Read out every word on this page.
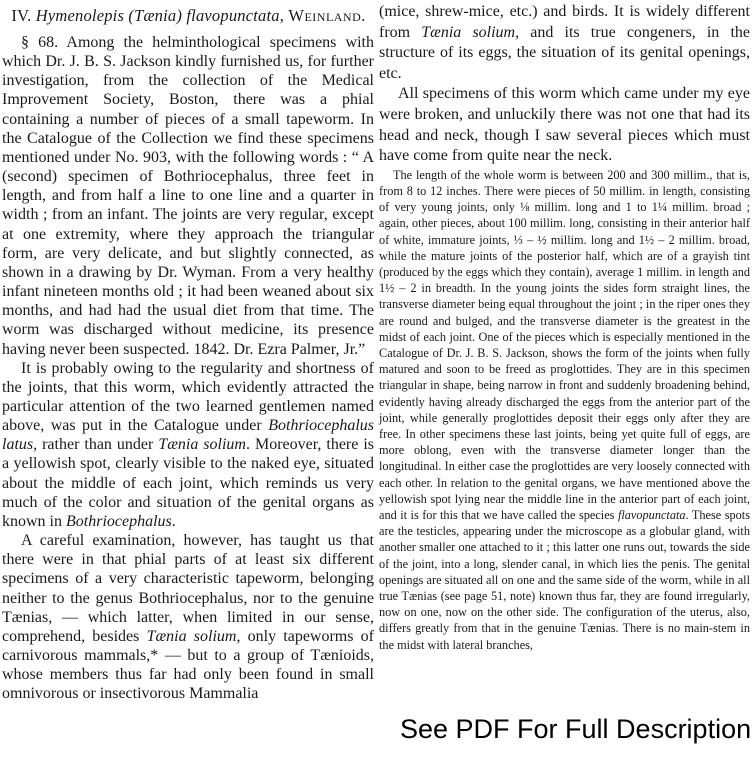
IV. Hymenolepis (Tænia) flavopunctata, Weinland.

§ 68. Among the helminthological specimens with which Dr. J. B. S. Jackson kindly furnished us, for further investigation, from the collection of the Medical Improvement Society, Boston, there was a phial containing a number of pieces of a small tapeworm. In the Catalogue of the Collection we find these specimens mentioned under No. 903, with the following words : “ A (second) specimen of Bothriocephalus, three feet in length, and from half a line to one line and a quarter in width ; from an infant. The joints are very regular, except at one extremity, where they approach the triangular form, are very delicate, and but slightly connected, as shown in a drawing by Dr. Wyman. From a very healthy infant nineteen months old ; it had been weaned about six months, and had had the usual diet from that time. The worm was discharged without medicine, its presence having never been suspected. 1842. Dr. Ezra Palmer, Jr.”

It is probably owing to the regularity and shortness of the joints, that this worm, which evidently attracted the particular attention of the two learned gentlemen named above, was put in the Catalogue under Bothriocephalus latus, rather than under Tænia solium. Moreover, there is a yellowish spot, clearly visible to the naked eye, situated about the middle of each joint, which reminds us very much of the color and situation of the genital organs as known in Bothriocephalus.

A careful examination, however, has taught us that there were in that phial parts of at least six different specimens of a very characteristic tapeworm, belonging neither to the genus Bothriocephalus, nor to the genuine Tænias, — which latter, when limited in our sense, comprehend, besides Tænia solium, only tapeworms of carnivorous mammals,* — but to a group of Tænioids, whose members thus far had only been found in small omnivorous or insectivorous Mammalia

(mice, shrew-mice, etc.) and birds. It is widely different from Tænia solium, and its true congeners, in the structure of its eggs, the situation of its genital openings, etc.

All specimens of this worm which came under my eye were broken, and unluckily there was not one that had its head and neck, though I saw several pieces which must have come from quite near the neck.

The length of the whole worm is between 200 and 300 millim., that is, from 8 to 12 inches. There were pieces of 50 millim. in length, consisting of very young joints, only ⅛ millim. long and 1 to 1¼ millim. broad ; again, other pieces, about 100 millim. long, consisting in their anterior half of white, immature joints, ⅓ – ½ millim. long and 1½ – 2 millim. broad, while the mature joints of the posterior half, which are of a grayish tint (produced by the eggs which they contain), average 1 millim. in length and 1½ – 2 in breadth. In the young joints the sides form straight lines, the transverse diameter being equal throughout the joint ; in the riper ones they are round and bulged, and the transverse diameter is the greatest in the midst of each joint. One of the pieces which is especially mentioned in the Catalogue of Dr. J. B. S. Jackson, shows the form of the joints when fully matured and soon to be freed as proglottides. They are in this specimen triangular in shape, being narrow in front and suddenly broadening behind, evidently having already discharged the eggs from the anterior part of the joint, while generally proglottides deposit their eggs only after they are free. In other specimens these last joints, being yet quite full of eggs, are more oblong, even with the transverse diameter longer than the longitudinal. In either case the proglottides are very loosely connected with each other. In relation to the genital organs, we have mentioned above the yellowish spot lying near the middle line in the anterior part of each joint, and it is for this that we have called the species flavopunctata. These spots are the testicles, appearing under the microscope as a globular gland, with another smaller one attached to it ; this latter one runs out, towards the side of the joint, into a long, slender canal, in which lies the penis. The genital openings are situated all on one and the same side of the worm, while in all true Tænias (see page 51, note) known thus far, they are found irregularly, now on one, now on the other side. The configuration of the uterus, also, differs greatly from that in the genuine Tænias. There is no main-stem in the midst with lateral branches,

See PDF For Full Description
